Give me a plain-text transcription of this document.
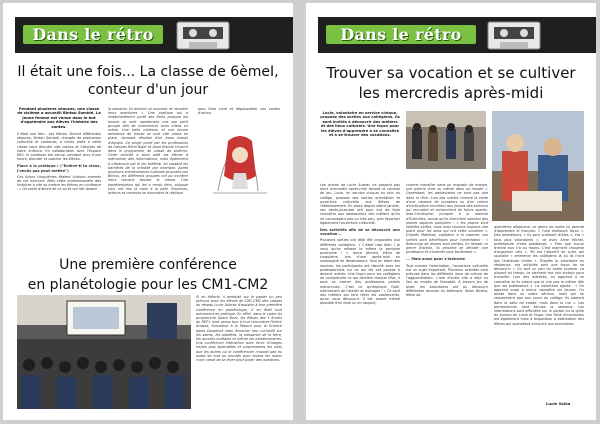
Dans le rétro
Il était une fois... La classe de 6èmeI,
conteur d'un jour
Pendant plusieurs séances, une classe de sixième a accueilli Bintou Sombié. La jeune femme est venue dans le but d'apprendre aux élèves l'histoire des contes.

Il était une fois... Les élèves. Durant différentes séances, Bintou Sombié, chargée de production culturelle et conteuse, a rendu visite à cette classe pour discuter des contes et histoires de notre enfance. En collaboration avec l'Espace 600, la conteuse est venue, pendant plus d'une heure, discuter et coacher les élèves.

Place à la pratique ! ("Enlève-ti tu vieux, j'veuiiz pas peut mettre")

Ces futurs cinquièmes étaient d'abord amenés de cet exercice. Mais cette professionnelle des histoires a vite su mettre les élèves en confiance : « On parle d'abord de ce qu'ils ont fait durant

la semaine. Ils doivent se souvenir et raconter leurs aventures ». Une pratique qui a instantanément porté ses fruits puisque les jeunes se sont rapidement mis par petit groupe afin de commencer leurs mises en scène. Une belle cohésion et une bonne ambiance de travail se sont vite mises en place, donnant résultat d'un beau travail d'équipe. Ce projet porté par les professeurs de français Rémi Biget et Anne Brunet s'inscrit dans le programme de classe de sixième. Cette activité a ainsi aidé les élèves à mémoriser des informations, mais également à s'épanouir par le jeu théâtral, en cassant les barrières de la timidité par exemple. Après plusieurs entraînements ludiques proposés par Bintou, les différents groupes ont pu montrer leurs travaux devant la classe. Une représentation qui les a rendu fiers, puisque tous ont mis la main à la pâte. Bruiteurs, acteurs et conteurs se donnaient la réplique

pour faire vivre et dépoussiérer ces contes d'antan.

Une première conférence
en planétologie pour les CM1-CM2

Si en théorie, il semblait sur le papier un peu précoce pour les élèves de CM1-CM2 des classes du réseau Lucie Aubrac d'assister à leur première conférence en planétologie, il en était tout autrement en pratique. En effet, dans le cadre du programme Space Buzz, les élèves des 3 écoles du REP+ sont venus tour à tour rencontrer Patrick Arnaud, formateur à la Maison pour la Science Alpes Dauphiné venu étancher leur curiosité sur les astres, les planètes, la naissance de la terre, les aurores boréales et même les extraterrestres. Une conférence interactive avec force d'images toutes plus splendides et surprenantes les unes que les autres où le conférencier n'aurait pas eu assez de tout un journée pour toutes les mains n'ont cessé de se lever pour poser des questions.

Dans le rétro
Trouver sa vocation et se cultiver
les mercredis après-midi
Lucie, volontaire en service civique, propose des sorties aux collégiens. Ils sont invités à découvrir des métiers et des lieux culturels. Une façon pour les élèves d'apprendre à se connaître et à se trouver des vocations.

Les jeunes de Lucie Aubrac ne passent pas leurs mercredis après-midi devant la console de jeu. Lucie, en service civique au sein du collège, propose des sorties orientation et ouverture culturelle aux élèves de l'établissement. En place depuis début janvier, ses dents-joueuses ont pour but de faire connaître aux adolescents des métiers qu'ils ne connaissent pas ou très peu, puis favoriser également l'ouverture culturelle.

Des activités afin de se découvrir une vocation...

Plusieurs sorties ont déjà été proposées aux différents collégiens. « C'était trop bien ! Je veux qu'on refasse la même la semaine prochaine ! », lance Ahmed, élève de cinquième, lors d'une après-midi en compagnie de dessinateurs. Tout en étant des sources, les participants ont discuté avec les professionnels sur ce qui les ont poussé à devenir artiste. Une façon pour les collégiens de comprendre ce qui derrière chaque rêve, il peut se cacher des professions parfois méconnues. C'est ce qu'explique Gaël, intervenant de l'atelier et manager : « Ce sont des métiers qui font rêver les adolescents, qu'on peut découvrir. Il est quand même possible d'en faire un en rapport,

comme travailler dans un magasin de manga, une galerie d'art ou même dans un musée ». Cependant, les adolescents ne sont pas que dans le rêve. Lors des sorties comme la visite d'une caserne de pompiers ou d'un centre d'horticulture montrent aux jeunes des secteurs qui recrutent et recherchent de futurs agents. Jean-Christophe, pompier à la caserne d'Échirolles, avoue qu'ils cherchent souvent des jeunes sapeurs pompiers : « les places sont limitées certes, mois nous voulons toujours une place pour les ados qui ont cette vocation ». D'après Matthias, capitaine à la caserne, ces sorties sont bénéfiques pour l'orientation : « Beaucoup de jeunes sont perdus. En faisant ce genre d'action, ils peuvent se décider une profession et s'orienter plus facilement ».

... Mais aussi pour s'instruire

Tout comme l'orientation, l'ouverture culturelle est un sujet important. Plusieurs activités sont prévues dans les différents lieux de culture de l'agglomération. L'une d'entre elle a déjà eu lieu au musée de Grenoble. À travers jeu de piste, les volontaires ont pu découvrir différentes œuvres du bâtiment. Selon Bineta, élève de

quatrième allophone, ce genre de sortie lui permet d'apprendre le français: « J'une meilleure façon ». Des animateurs, « ils sont vraiment drôles »; ces « tous plus volontaires », ce avec Aime Michel, professeure d'arts plastiques; « Pres que aucun d'entre eux n'a ou moins. C'est vraiment chouette d'organiser cela ». Tel est l'objectif de Lucie qui souhaite « emmener les collégiens là où ils n'ont pas l'habitude d'aller ». D'après la volontaire en résidence, ces activités sont une façon de se découvrir: « On sort un peu du cadre scolaire. La plupart du temps, ils viennent me voir surtout pour travailler. Lors des activités, on apprend à se connaître et ils voient que je n'ai pas le même rôle que les professeurs ». La volontaire ajoute : « On apprend aussi à mieux connaître les jeunes. On existe dans un cadre sérieux, mais qui ne ressemblent pas aux cours du collège. Ils adorent dans la salle de classe, mais dans la rue ». Les permanences sont tenues la semaine. Les informations sont affichées sur le portail ou la grille du bureau de Lucie et Hugo. Une fiche d'inscription est également mise à disposition à destination des élèves qui souhaitent s'inscrire aux prochaines.

Lucie Solka
